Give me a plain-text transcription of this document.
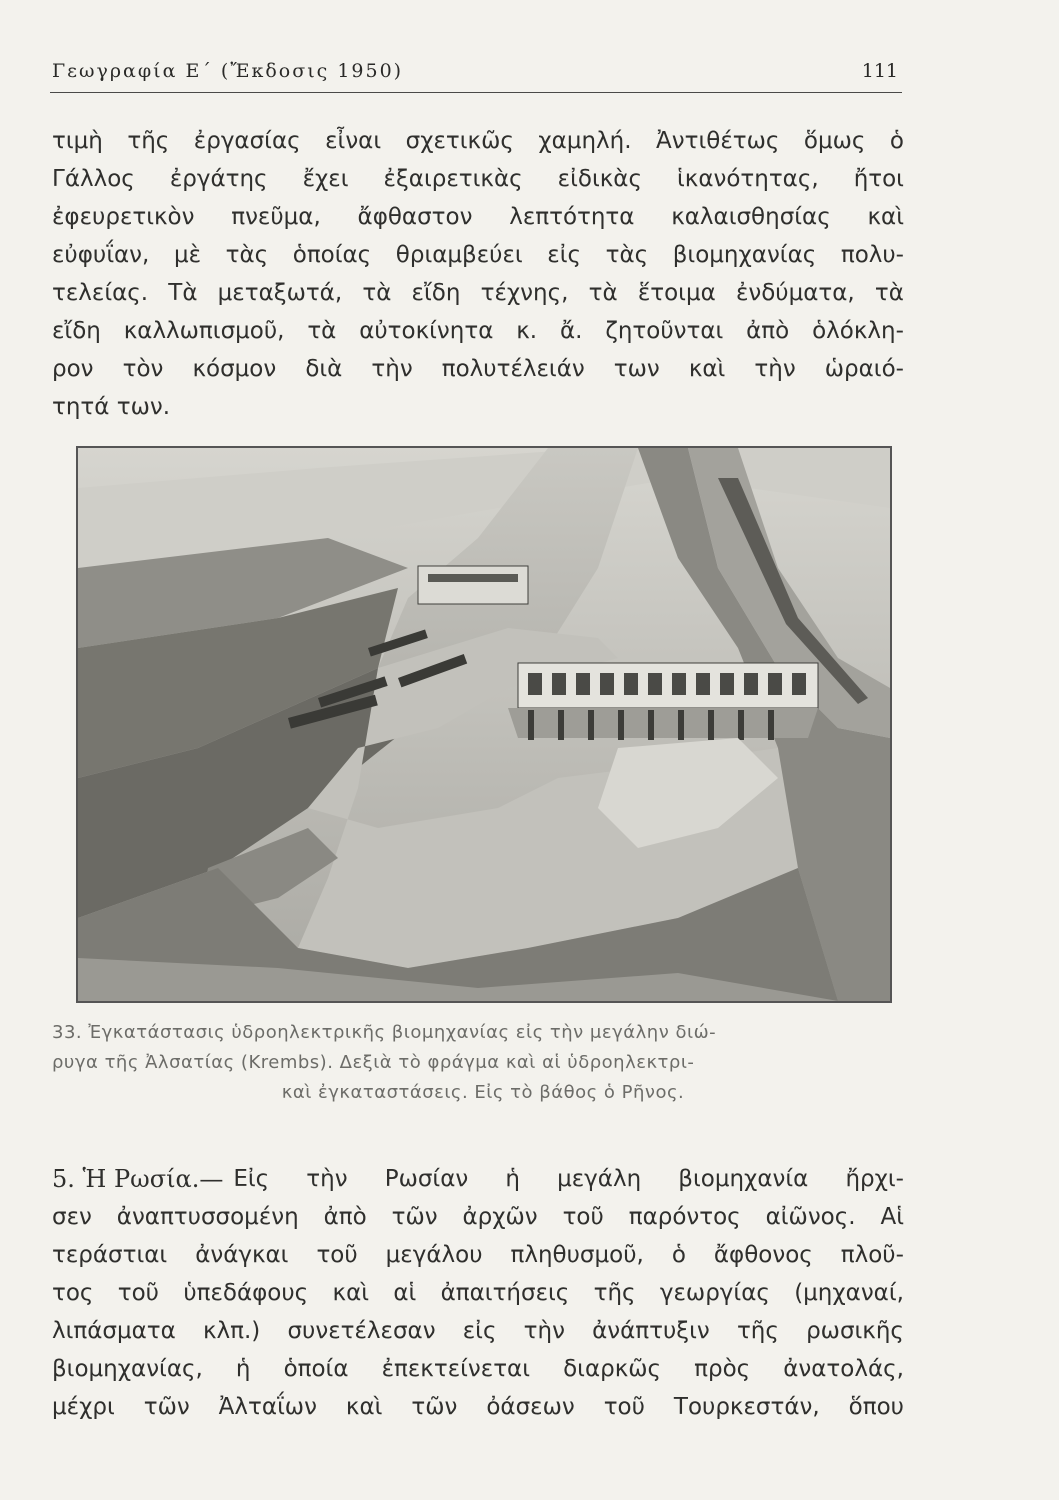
Γεωγραφία Ε΄ (Ἔκδοσις 1950)	111
τιμὴ τῆς ἐργασίας εἶναι σχετικῶς χαμηλή. Ἀντιθέτως ὅμως ὁ
Γάλλος ἐργάτης ἔχει ἐξαιρετικὰς εἰδικὰς ἱκανότητας, ἤτοι
ἐφευρετικὸν πνεῦμα, ἄφθαστον λεπτότητα καλαισθησίας καὶ
εὐφυΐαν, μὲ τὰς ὁποίας θριαμβεύει εἰς τὰς βιομηχανίας πολυ-
τελείας. Τὰ μεταξωτά, τὰ εἴδη τέχνης, τὰ ἕτοιμα ἐνδύματα, τὰ
εἴδη καλλωπισμοῦ, τὰ αὐτοκίνητα κ. ἄ. ζητοῦνται ἀπὸ ὁλόκλη-
ρον τὸν κόσμον διὰ τὴν πολυτέλειάν των καὶ τὴν ὡραιό-
τητά των.
33. Ἐγκατάστασις ὑδροηλεκτρικῆς βιομηχανίας εἰς τὴν μεγάλην διώ-
ρυγα τῆς Ἀλσατίας (Krembs). Δεξιὰ τὸ φράγμα καὶ αἱ ὑδροηλεκτρι-
καὶ ἐγκαταστάσεις. Εἰς τὸ βάθος ὁ Ρῆνος.
5. Ἡ Ρωσία.— Εἰς τὴν Ρωσίαν ἡ μεγάλη βιομηχανία ἤρχι-
σεν ἀναπτυσσομένη ἀπὸ τῶν ἀρχῶν τοῦ παρόντος αἰῶνος. Αἱ
τεράστιαι ἀνάγκαι τοῦ μεγάλου πληθυσμοῦ, ὁ ἄφθονος πλοῦ-
τος τοῦ ὑπεδάφους καὶ αἱ ἀπαιτήσεις τῆς γεωργίας (μηχαναί,
λιπάσματα κλπ.) συνετέλεσαν εἰς τὴν ἀνάπτυξιν τῆς ρωσικῆς
βιομηχανίας, ἡ ὁποία ἐπεκτείνεται διαρκῶς πρὸς ἀνατολάς,
μέχρι τῶν Ἀλταΐων καὶ τῶν ὀάσεων τοῦ Τουρκεστάν, ὅπου
